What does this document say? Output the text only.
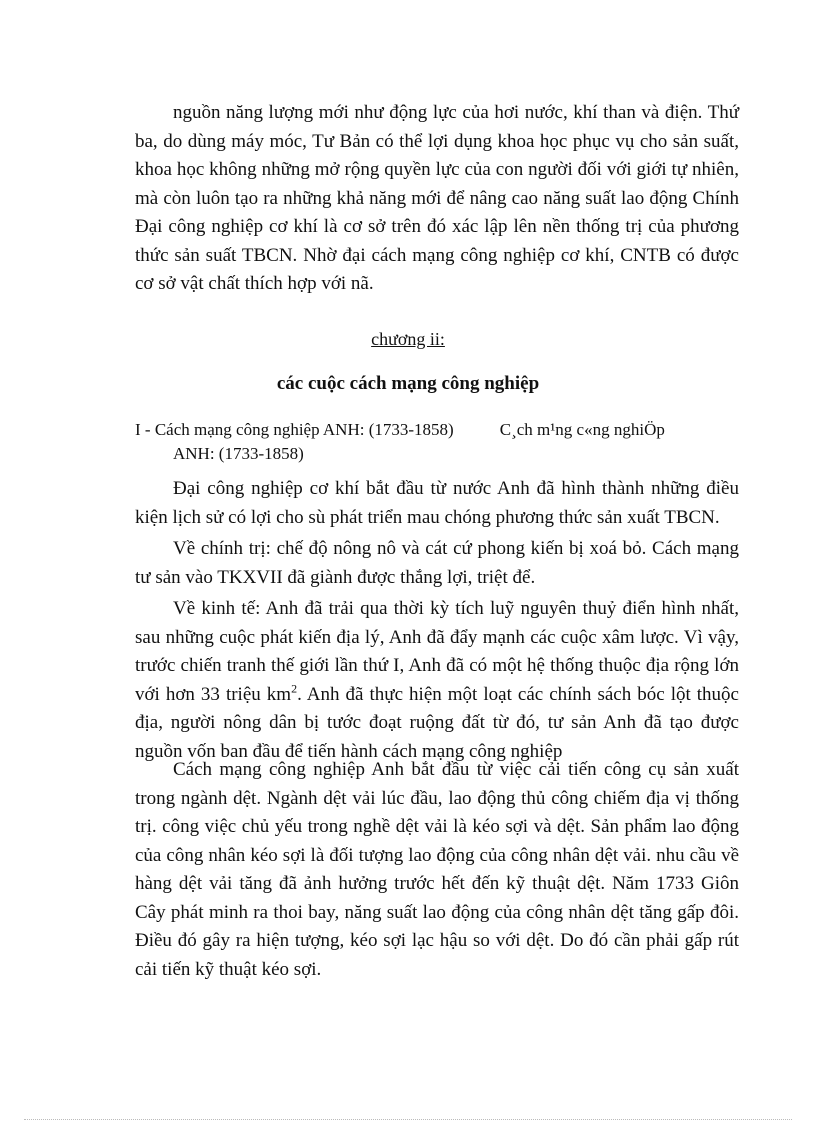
nguồn năng lượng mới như động lực của hơi nước, khí than và điện. Thứ ba, do dùng máy móc, Tư Bản có thể lợi dụng khoa học phục vụ cho sản suất, khoa học không những mở rộng quyền lực của con người đối với giới tự nhiên, mà còn luôn tạo ra những khả năng mới để nâng cao năng suất lao động Chính Đại công nghiệp cơ khí là cơ sở trên đó xác lập lên nền thống trị của phương thức sản suất TBCN. Nhờ đại cách mạng công nghiệp cơ khí, CNTB có được cơ sở vật chất thích hợp với nã.

chương ii:

các cuộc cách mạng công nghiệp

I - Cách mạng công nghiệp ANH: (1733-1858)	C¸ch m¹ng c«ng nghiÖp
ANH: (1733-1858)

Đại công nghiệp cơ khí bắt đầu từ nước Anh đã hình thành những điều kiện lịch sử có lợi cho sù phát triển mau chóng phương thức sản xuất TBCN.

Về chính trị: chế độ nông nô và cát cứ phong kiến bị xoá bỏ. Cách mạng tư sản vào TKXVII đã giành được thắng lợi, triệt để.

Về kinh tế: Anh đã trải qua thời kỳ tích luỹ nguyên thuỷ điển hình nhất, sau những cuộc phát kiến địa lý, Anh đã đẩy mạnh các cuộc xâm lược. Vì vậy, trước chiến tranh thế giới lần thứ I, Anh đã có một hệ thống thuộc địa rộng lớn với hơn 33 triệu $km^2$. Anh đã thực hiện một loạt các chính sách bóc lột thuộc địa, người nông dân bị tước đoạt ruộng đất từ đó, tư sản Anh đã tạo được nguồn vốn ban đầu để tiến hành cách mạng công nghiệp

Cách mạng công nghiệp Anh bắt đầu từ việc cải tiến công cụ sản xuất trong ngành dệt. Ngành dệt vải lúc đầu, lao động thủ công chiếm địa vị thống trị. công việc chủ yếu trong nghề dệt vải là kéo sợi và dệt. Sản phẩm lao động của công nhân kéo sợi là đối tượng lao động của công nhân dệt vải. nhu cầu về hàng dệt vải tăng đã ảnh hưởng trước hết đến kỹ thuật dệt. Năm 1733 Giôn Cây phát minh ra thoi bay, năng suất lao động của công nhân dệt tăng gấp đôi. Điều đó gây ra hiện tượng, kéo sợi lạc hậu so với dệt. Do đó cần phải gấp rút cải tiến kỹ thuật kéo sợi.
